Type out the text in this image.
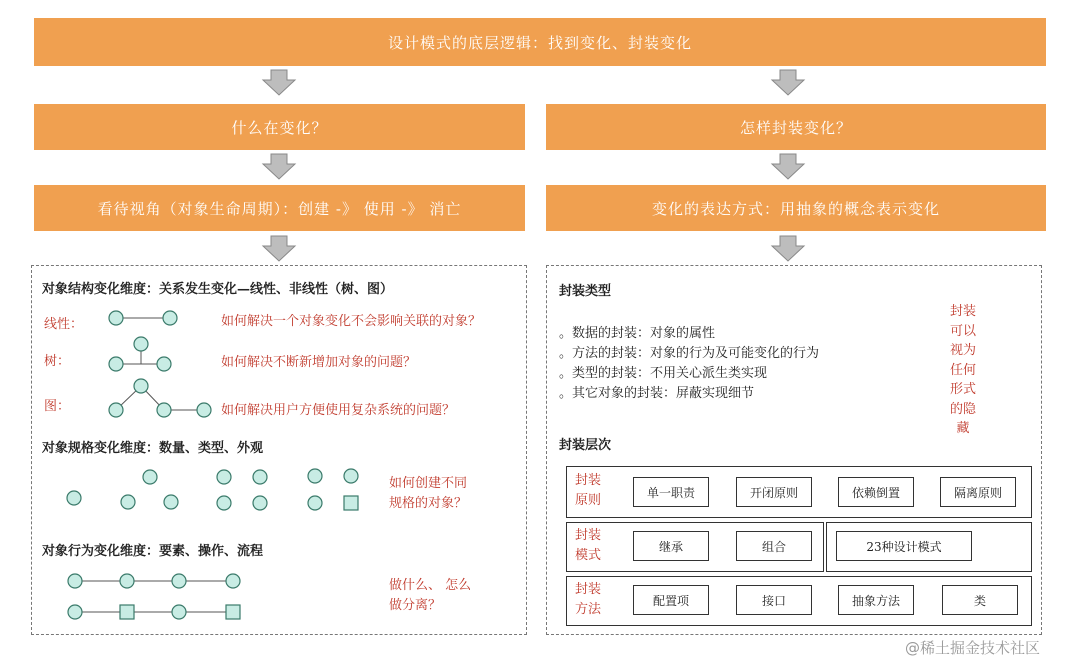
设计模式的底层逻辑：找到变化、封装变化
什么在变化？	怎样封装变化？
看待视角（对象生命周期）：创建 -》 使用 -》 消亡	变化的表达方式：用抽象的概念表示变化
对象结构变化维度：关系发生变化—线性、非线性（树、图）
线性：	如何解决一个对象变化不会影响关联的对象？
树：	如何解决不断新增加对象的问题？
图：	如何解决用户方便使用复杂系统的问题？
对象规格变化维度：数量、类型、外观
如何创建不同
规格的对象？
对象行为变化维度：要素、操作、流程
做什么、 怎么
做分离？
封装类型
。数据的封装：对象的属性
。方法的封装：对象的行为及可能变化的行为
。类型的封装：不用关心派生类实现
。其它对象的封装：屏蔽实现细节
封装可以视为任何形式的隐藏
封装层次
封装原则
单一职责	开闭原则	依赖倒置	隔离原则
封装模式
继承	组合	23种设计模式
封装方法
配置项	接口	抽象方法	类
@稀土掘金技术社区
